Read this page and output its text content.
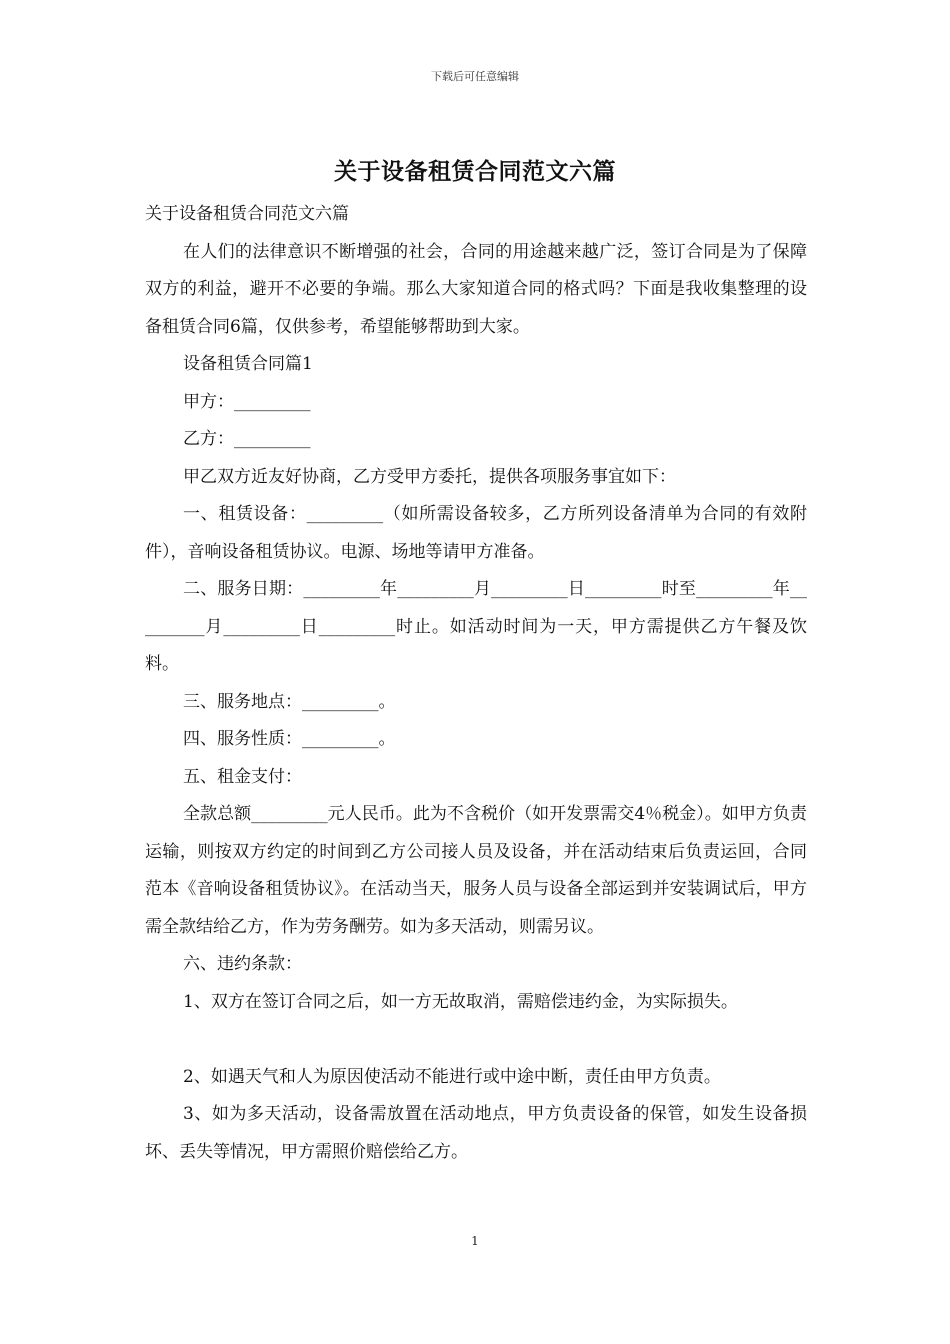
下载后可任意编辑
关于设备租赁合同范文六篇

关于设备租赁合同范文六篇

在人们的法律意识不断增强的社会，合同的用途越来越广泛，签订合同是为了保障双方的利益，避开不必要的争端。那么大家知道合同的格式吗？下面是我收集整理的设备租赁合同6篇，仅供参考，希望能够帮助到大家。

设备租赁合同篇1

甲方：_________

乙方：_________

甲乙双方近友好协商，乙方受甲方委托，提供各项服务事宜如下：

一、租赁设备：_________（如所需设备较多，乙方所列设备清单为合同的有效附件），音响设备租赁协议。电源、场地等请甲方准备。

二、服务日期：_________年_________月_________日_________时至_________年_________月_________日_________时止。如活动时间为一天，甲方需提供乙方午餐及饮料。

三、服务地点：_________。

四、服务性质：_________。

五、租金支付：

全款总额_________元人民币。此为不含税价（如开发票需交4％税金）。如甲方负责运输，则按双方约定的时间到乙方公司接人员及设备，并在活动结束后负责运回，合同范本《音响设备租赁协议》。在活动当天，服务人员与设备全部运到并安装调试后，甲方需全款结给乙方，作为劳务酬劳。如为多天活动，则需另议。

六、违约条款：

1、双方在签订合同之后，如一方无故取消，需赔偿违约金，为实际损失。

2、如遇天气和人为原因使活动不能进行或中途中断，责任由甲方负责。

3、如为多天活动，设备需放置在活动地点，甲方负责设备的保管，如发生设备损坏、丢失等情况，甲方需照价赔偿给乙方。

1
